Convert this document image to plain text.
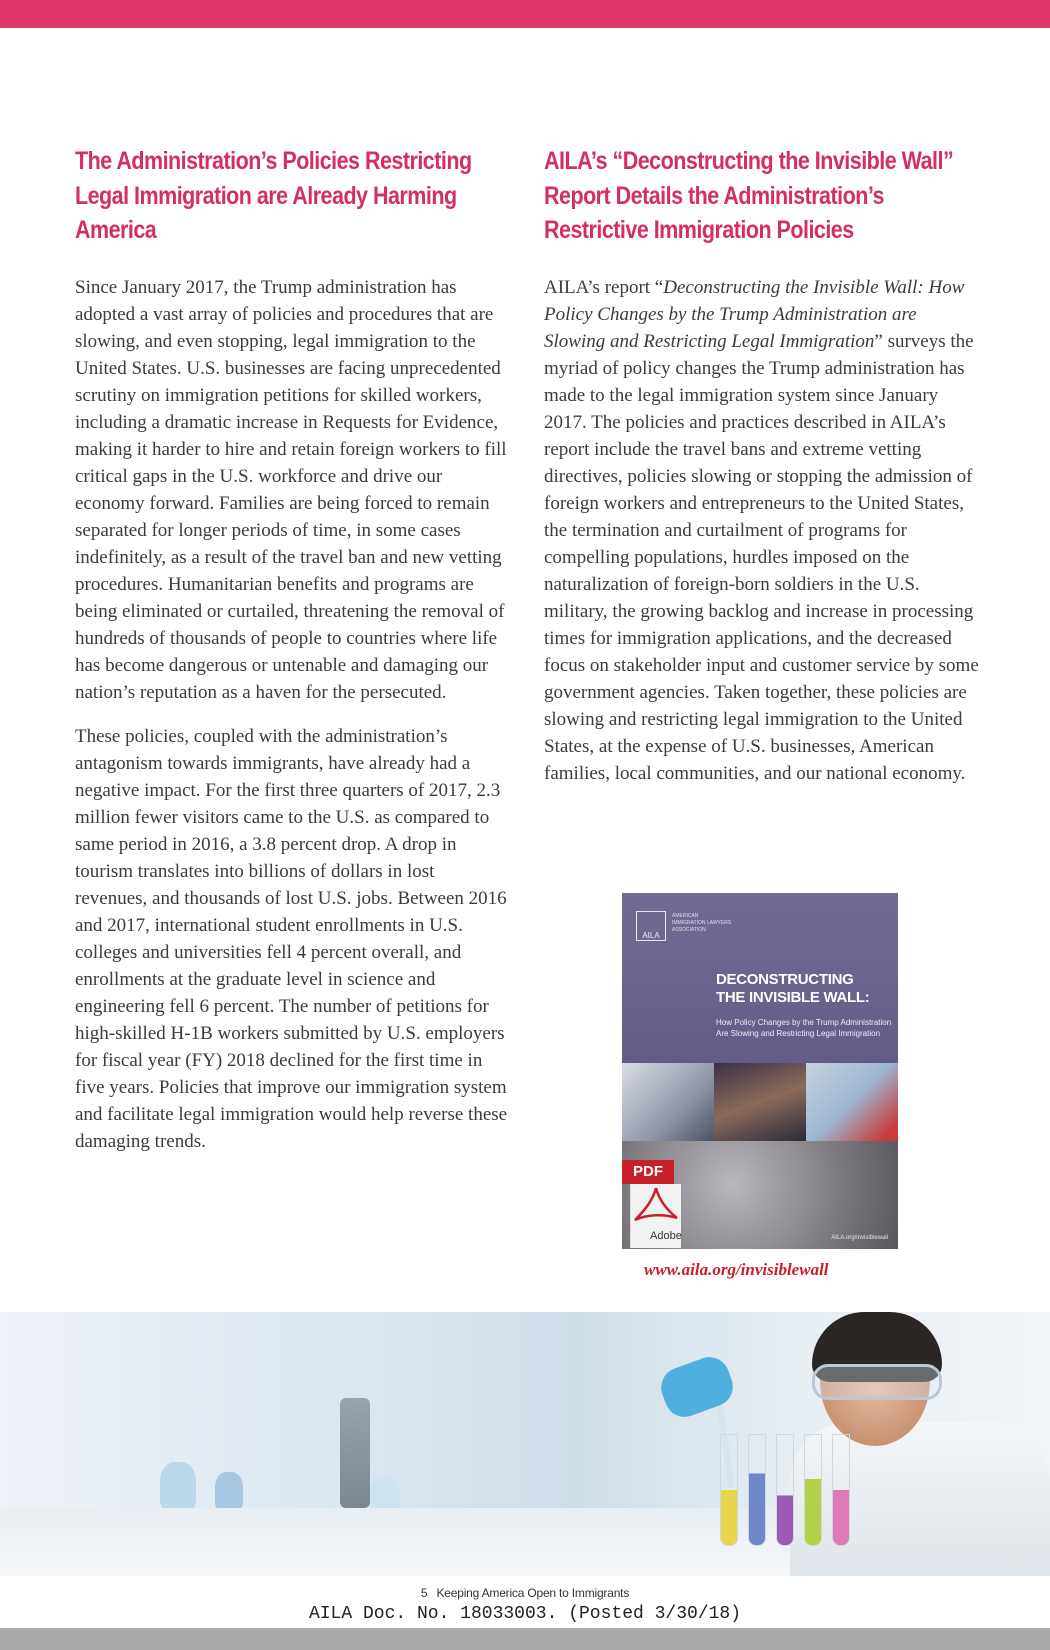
The Administration’s Policies Restricting Legal Immigration are Already Harming America

Since January 2017, the Trump administration has adopted a vast array of policies and procedures that are slowing, and even stopping, legal immigration to the United States. U.S. businesses are facing unprecedented scrutiny on immigration petitions for skilled workers, including a dramatic increase in Requests for Evidence, making it harder to hire and retain foreign workers to fill critical gaps in the U.S. workforce and drive our economy forward. Families are being forced to remain separated for longer periods of time, in some cases indefinitely, as a result of the travel ban and new vetting procedures. Humanitarian benefits and programs are being eliminated or curtailed, threatening the removal of hundreds of thousands of people to countries where life has become dangerous or untenable and damaging our nation’s reputation as a haven for the persecuted.

These policies, coupled with the administration’s antagonism towards immigrants, have already had a negative impact. For the first three quarters of 2017, 2.3 million fewer visitors came to the U.S. as compared to same period in 2016, a 3.8 percent drop. A drop in tourism translates into billions of dollars in lost revenues, and thousands of lost U.S. jobs. Between 2016 and 2017, international student enrollments in U.S. colleges and universities fell 4 percent overall, and enrollments at the graduate level in science and engineering fell 6 percent. The number of petitions for high-skilled H-1B workers submitted by U.S. employers for fiscal year (FY) 2018 declined for the first time in five years. Policies that improve our immigration system and facilitate legal immigration would help reverse these damaging trends.

AILA’s “Deconstructing the Invisible Wall” Report Details the Administration’s Restrictive Immigration Policies

AILA’s report “Deconstructing the Invisible Wall: How Policy Changes by the Trump Administration are Slowing and Restricting Legal Immigration” surveys the myriad of policy changes the Trump administration has made to the legal immigration system since January 2017. The policies and practices described in AILA’s report include the travel bans and extreme vetting directives, policies slowing or stopping the admission of foreign workers and entrepreneurs to the United States, the termination and curtailment of programs for compelling populations, hurdles imposed on the naturalization of foreign-born soldiers in the U.S. military, the growing backlog and increase in processing times for immigration applications, and the decreased focus on stakeholder input and customer service by some government agencies. Taken together, these policies are slowing and restricting legal immigration to the United States, at the expense of U.S. businesses, American families, local communities, and our national economy.

AILA
AMERICAN IMMIGRATION LAWYERS ASSOCIATION
DECONSTRUCTING
THE INVISIBLE WALL:
How Policy Changes by the Trump Administration Are Slowing and Restricting Legal Immigration
AILA.org/invisiblewall
PDF
Adobe
www.aila.org/invisiblewall
5 Keeping America Open to Immigrants
AILA Doc. No. 18033003. (Posted 3/30/18)
